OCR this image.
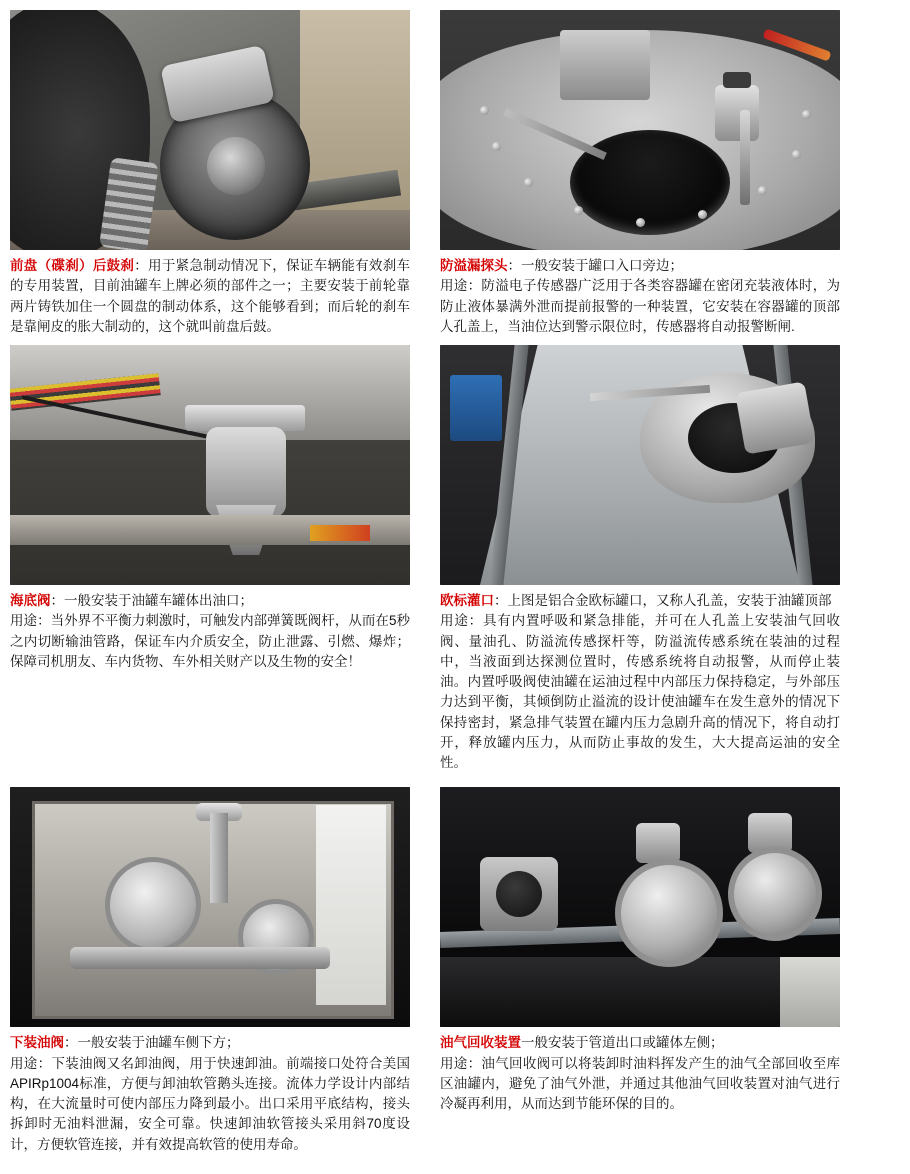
前盘（碟刹）后鼓刹：用于紧急制动情况下，保证车辆能有效刹车的专用装置，目前油罐车上牌必须的部件之一；主要安装于前轮靠两片铸铁加住一个圆盘的制动体系，这个能够看到；而后轮的刹车是靠闸皮的胀大制动的，这个就叫前盘后鼓。

防溢漏探头：一般安装于罐口入口旁边；

用途：防溢电子传感器广泛用于各类容器罐在密闭充装液体时，为防止液体暴满外泄而提前报警的一种装置，它安装在容器罐的顶部人孔盖上，当油位达到警示限位时，传感器将自动报警断闸.

海底阀：一般安装于油罐车罐体出油口；

用途：当外界不平衡力刺激时，可触发内部弹簧既阀杆，从而在5秒之内切断输油管路，保证车内介质安全，防止泄露、引燃、爆炸；保障司机朋友、车内货物、车外相关财产以及生物的安全！

欧标灌口：上图是铝合金欧标罐口，又称人孔盖，安装于油罐顶部

用途：具有内置呼吸和紧急排能，并可在人孔盖上安装油气回收阀、量油孔、防溢流传感探杆等，防溢流传感系统在装油的过程中，当液面到达探测位置时，传感系统将自动报警，从而停止装油。内置呼吸阀使油罐在运油过程中内部压力保持稳定，与外部压力达到平衡，其倾倒防止溢流的设计使油罐车在发生意外的情况下保持密封，紧急排气装置在罐内压力急剧升高的情况下，将自动打开，释放罐内压力，从而防止事故的发生，大大提高运油的安全性。

下装油阀：一般安装于油罐车侧下方；

用途：下装油阀又名卸油阀，用于快速卸油。前端接口处符合美国APIRp1004标准，方便与卸油软管鹅头连接。流体力学设计内部结构，在大流量时可使内部压力降到最小。出口采用平底结构，接头拆卸时无油料泄漏，安全可靠。快速卸油软管接头采用斜70度设计，方便软管连接，并有效提高软管的使用寿命。

油气回收装置一般安装于管道出口或罐体左侧；

用途：油气回收阀可以将装卸时油料挥发产生的油气全部回收至库区油罐内，避免了油气外泄，并通过其他油气回收装置对油气进行冷凝再利用，从而达到节能环保的目的。
